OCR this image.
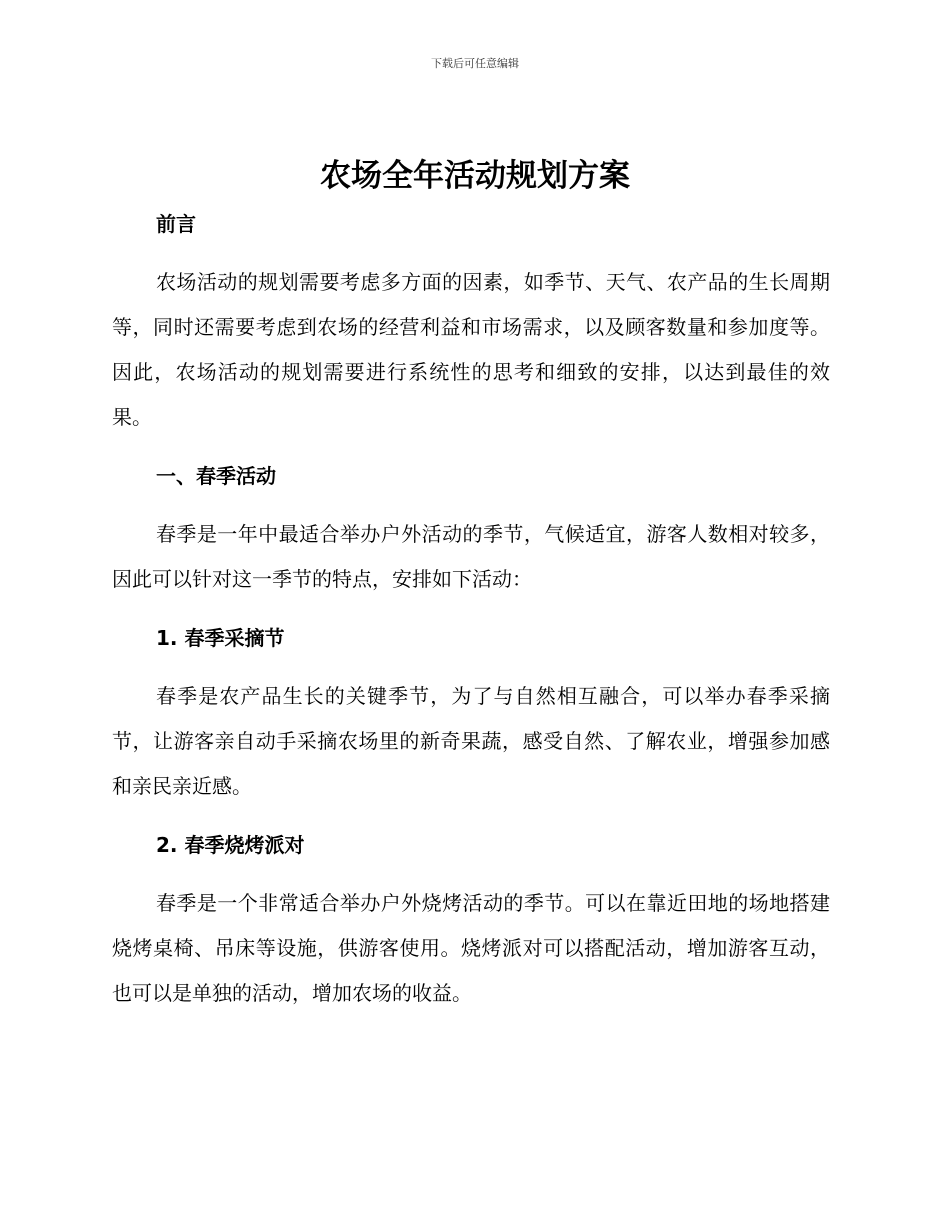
下载后可任意编辑
农场全年活动规划方案
前言

农场活动的规划需要考虑多方面的因素，如季节、天气、农产品的生长周期等，同时还需要考虑到农场的经营利益和市场需求，以及顾客数量和参加度等。因此，农场活动的规划需要进行系统性的思考和细致的安排，以达到最佳的效果。

一、春季活动

春季是一年中最适合举办户外活动的季节，气候适宜，游客人数相对较多，因此可以针对这一季节的特点，安排如下活动：

1. 春季采摘节

春季是农产品生长的关键季节，为了与自然相互融合，可以举办春季采摘节，让游客亲自动手采摘农场里的新奇果蔬，感受自然、了解农业，增强参加感和亲民亲近感。

2. 春季烧烤派对

春季是一个非常适合举办户外烧烤活动的季节。可以在靠近田地的场地搭建烧烤桌椅、吊床等设施，供游客使用。烧烤派对可以搭配活动，增加游客互动，也可以是单独的活动，增加农场的收益。
